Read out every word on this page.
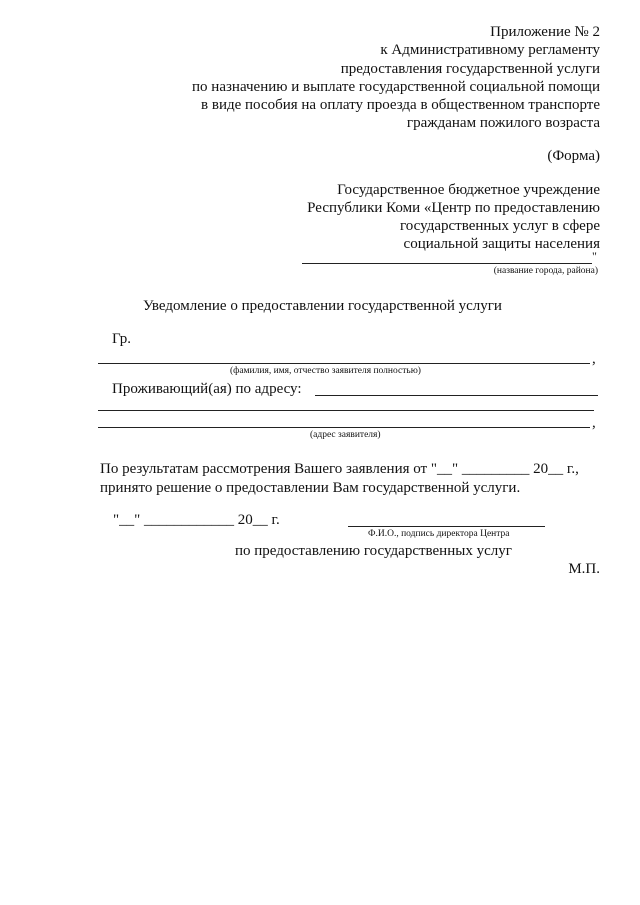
Приложение № 2
к Административному регламенту
предоставления государственной услуги
по назначению и выплате государственной социальной помощи
в виде пособия на оплату проезда в общественном транспорте
гражданам пожилого возраста
(Форма)
Государственное бюджетное учреждение
Республики Коми «Центр по предоставлению
государственных услуг в сфере
социальной защиты населения
"
(название города, района)
Уведомление о предоставлении государственной услуги
Гр.
,
(фамилия, имя, отчество заявителя полностью)
Проживающий(ая) по адресу:
,
(адрес заявителя)
По результатам рассмотрения Вашего заявления от "__" _________ 20__ г.,
принято решение о предоставлении Вам государственной услуги.
"__" ____________ 20__ г.
Ф.И.О., подпись директора Центра
по предоставлению государственных услуг
М.П.
